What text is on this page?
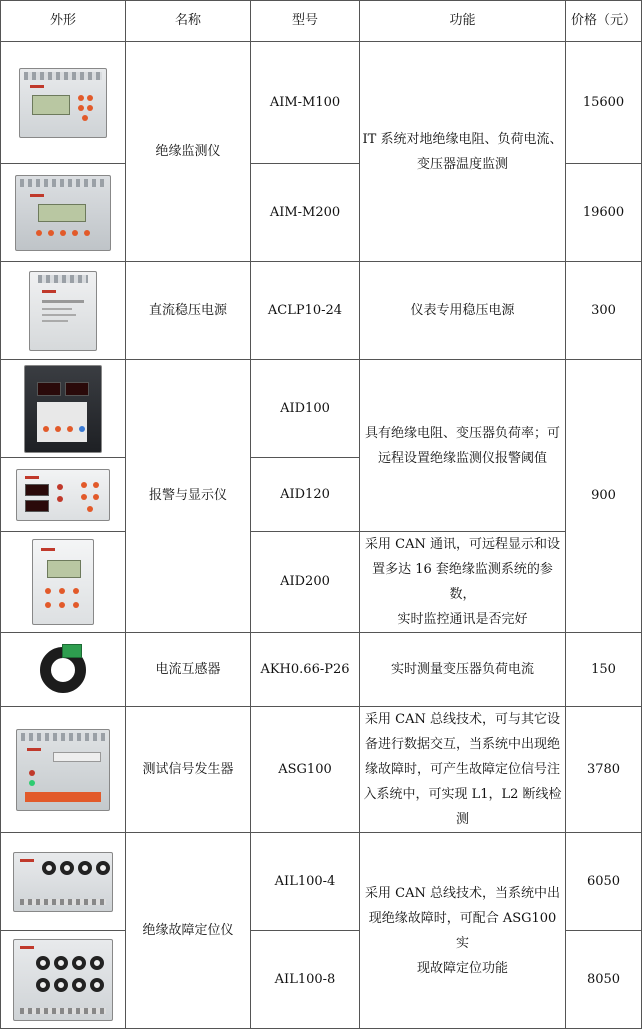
外形	名称	型号	功能	价格（元）

	绝缘监测仪	AIM-M100	IT 系统对地绝缘电阻、负荷电流、
变压器温度监测	15600

		AIM-M200		19600

	直流稳压电源	ACLP10-24	仪表专用稳压电源	300

	报警与显示仪	AID100	具有绝缘电阻、变压器负荷率；可
远程设置绝缘监测仪报警阈值	900

		AID120		

		AID200	采用 CAN 通讯，可远程显示和设
置多达 16 套绝缘监测系统的参数，
实时监控通讯是否完好	

	电流互感器	AKH0.66-P26	实时测量变压器负荷电流	150

	测试信号发生器	ASG100	采用 CAN 总线技术，可与其它设
备进行数据交互，当系统中出现绝
缘故障时，可产生故障定位信号注
入系统中，可实现 L1，L2 断线检
测	3780

	绝缘故障定位仪	AIL100-4	采用 CAN 总线技术，当系统中出
现绝缘故障时，可配合 ASG100 实
现故障定位功能	6050

		AIL100-8		8050
